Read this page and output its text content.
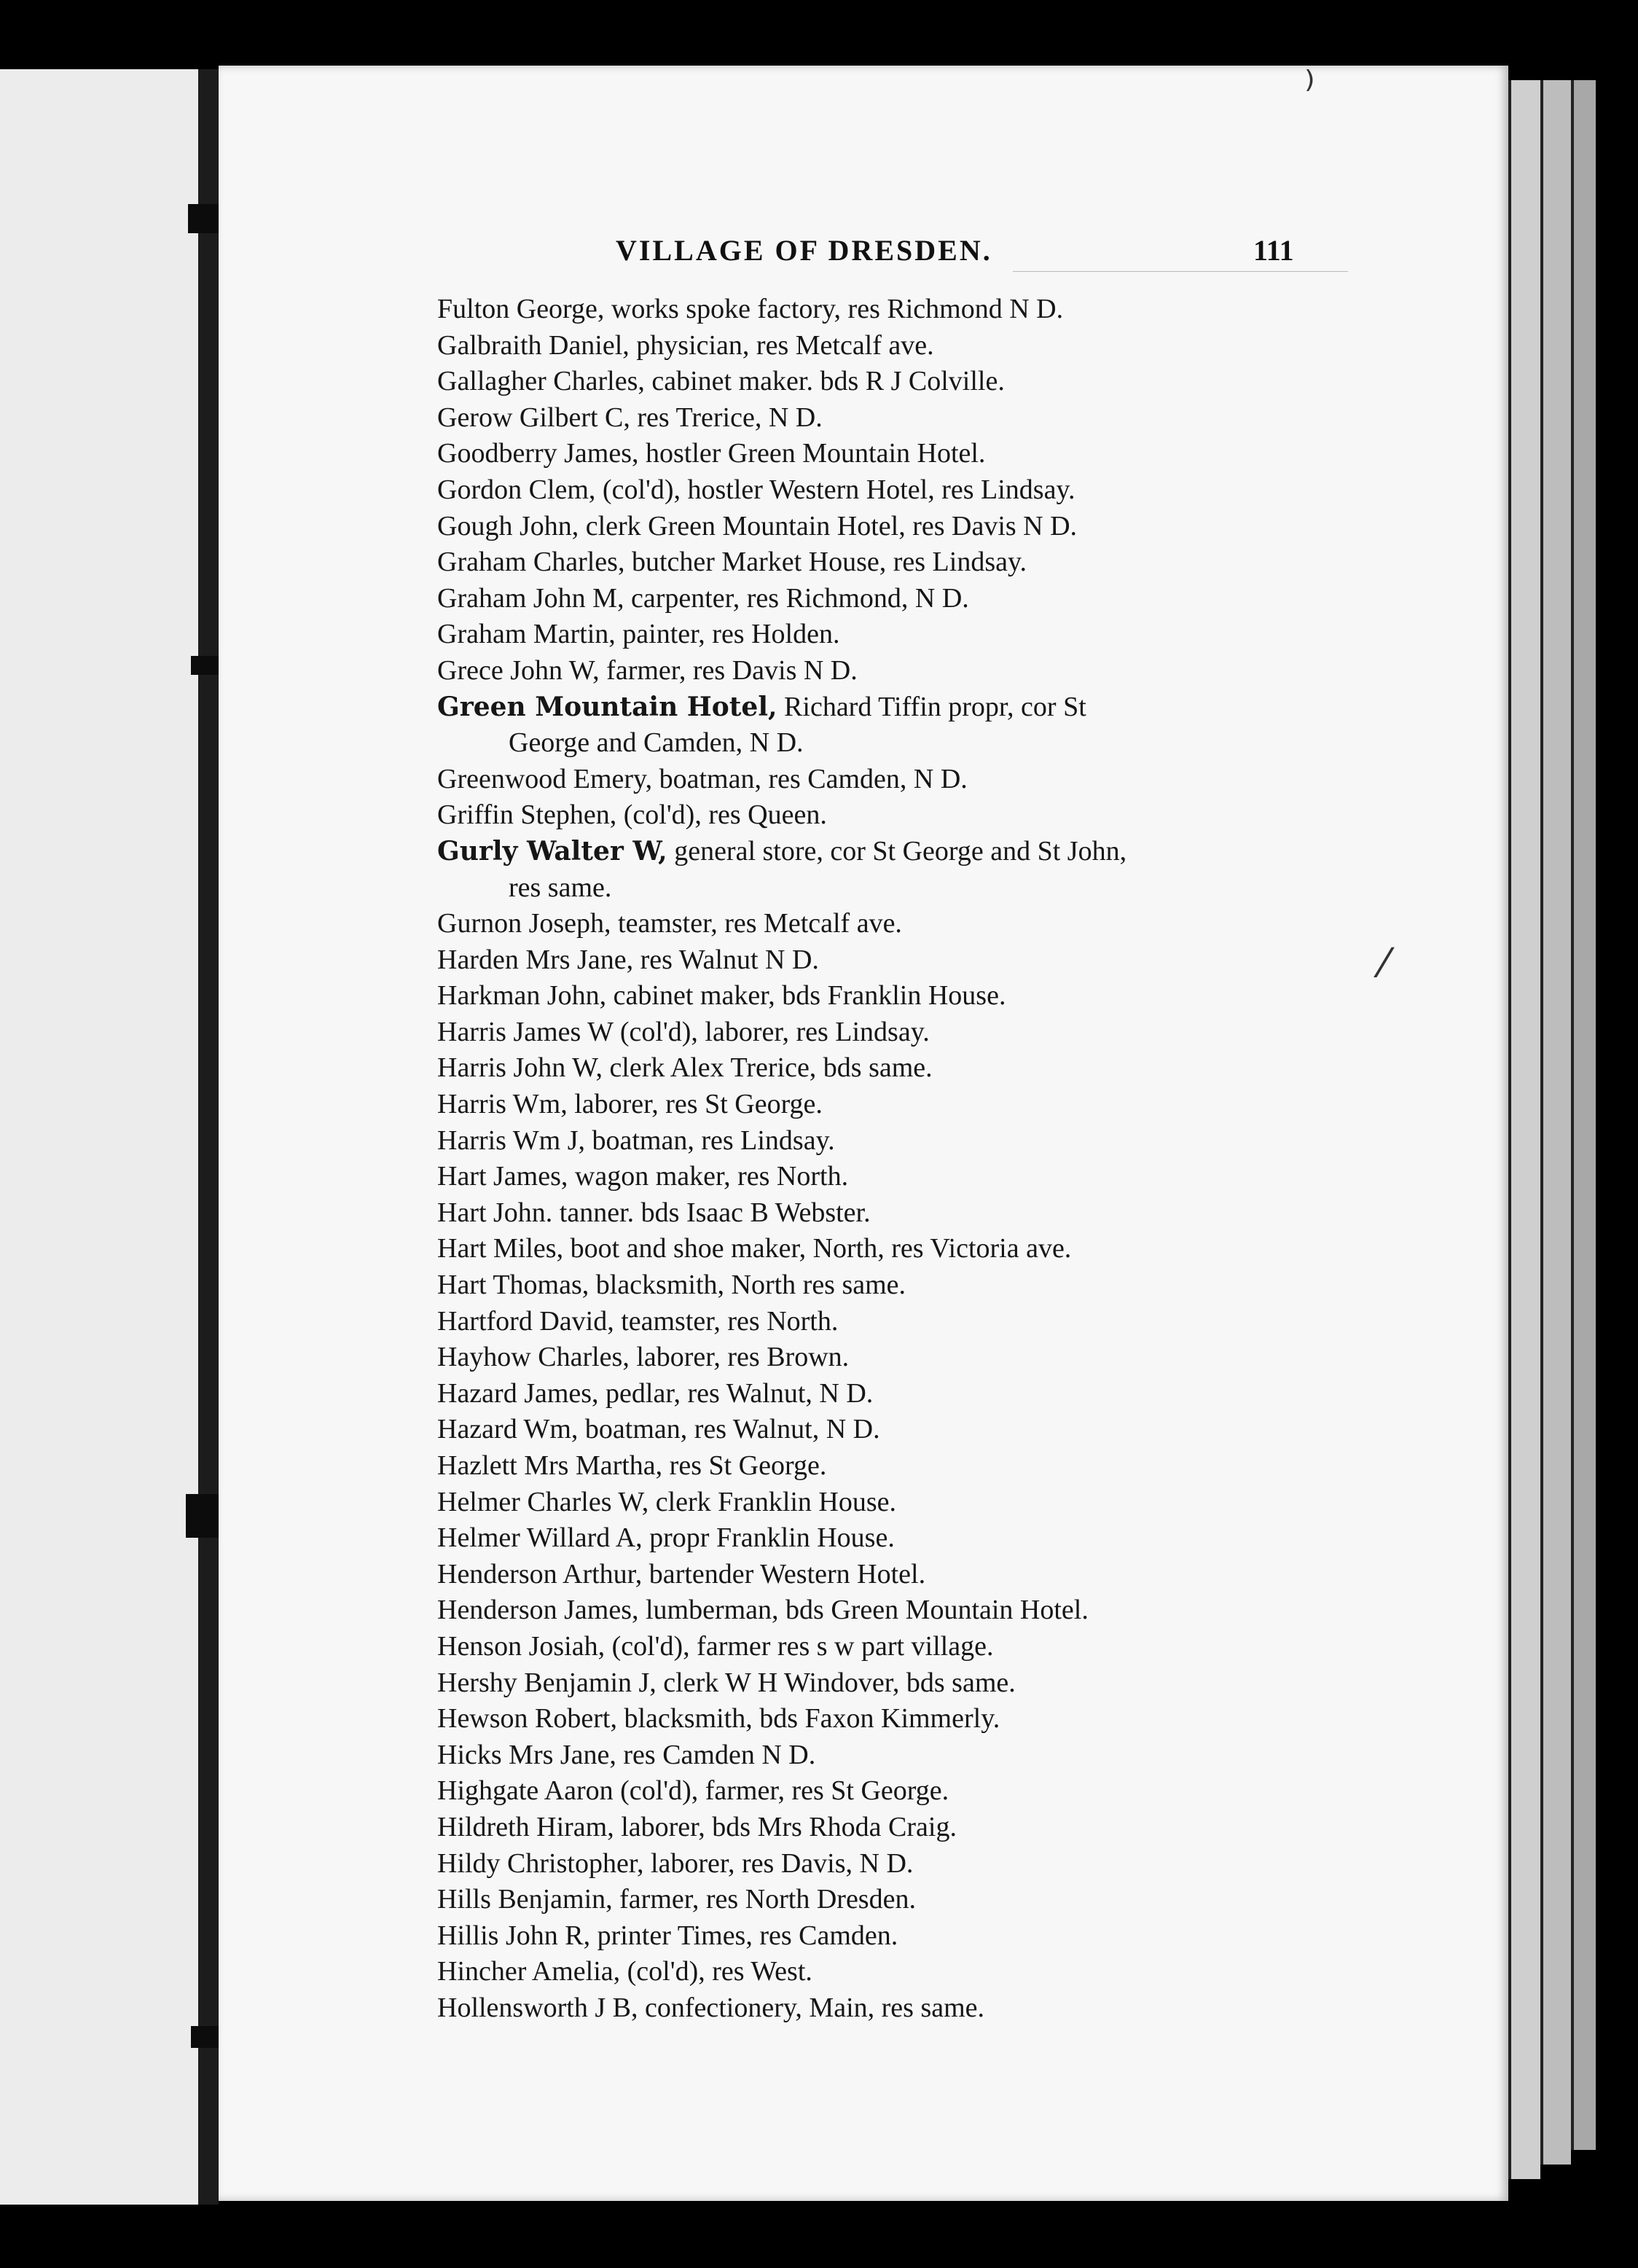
VILLAGE OF DRESDEN.	111
⁾
⁄
Fulton George, works spoke factory, res Richmond N D.
Galbraith Daniel, physician, res Metcalf ave.
Gallagher Charles, cabinet maker. bds R J Colville.
Gerow Gilbert C, res Trerice, N D.
Goodberry James, hostler Green Mountain Hotel.
Gordon Clem, (col'd), hostler Western Hotel, res Lindsay.
Gough John, clerk Green Mountain Hotel, res Davis N D.
Graham Charles, butcher Market House, res Lindsay.
Graham John M, carpenter, res Richmond, N D.
Graham Martin, painter, res Holden.
Grece John W, farmer, res Davis N D.
Green Mountain Hotel, Richard Tiffin propr, cor St
George and Camden, N D.
Greenwood Emery, boatman, res Camden, N D.
Griffin Stephen, (col'd), res Queen.
Gurly Walter W, general store, cor St George and St John,
res same.
Gurnon Joseph, teamster, res Metcalf ave.
Harden Mrs Jane, res Walnut N D.
Harkman John, cabinet maker, bds Franklin House.
Harris James W (col'd), laborer, res Lindsay.
Harris John W, clerk Alex Trerice, bds same.
Harris Wm, laborer, res St George.
Harris Wm J, boatman, res Lindsay.
Hart James, wagon maker, res North.
Hart John. tanner. bds Isaac B Webster.
Hart Miles, boot and shoe maker, North, res Victoria ave.
Hart Thomas, blacksmith, North res same.
Hartford David, teamster, res North.
Hayhow Charles, laborer, res Brown.
Hazard James, pedlar, res Walnut, N D.
Hazard Wm, boatman, res Walnut, N D.
Hazlett Mrs Martha, res St George.
Helmer Charles W, clerk Franklin House.
Helmer Willard A, propr Franklin House.
Henderson Arthur, bartender Western Hotel.
Henderson James, lumberman, bds Green Mountain Hotel.
Henson Josiah, (col'd), farmer res s w part village.
Hershy Benjamin J, clerk W H Windover, bds same.
Hewson Robert, blacksmith, bds Faxon Kimmerly.
Hicks Mrs Jane, res Camden N D.
Highgate Aaron (col'd), farmer, res St George.
Hildreth Hiram, laborer, bds Mrs Rhoda Craig.
Hildy Christopher, laborer, res Davis, N D.
Hills Benjamin, farmer, res North Dresden.
Hillis John R, printer Times, res Camden.
Hincher Amelia, (col'd), res West.
Hollensworth J B, confectionery, Main, res same.
